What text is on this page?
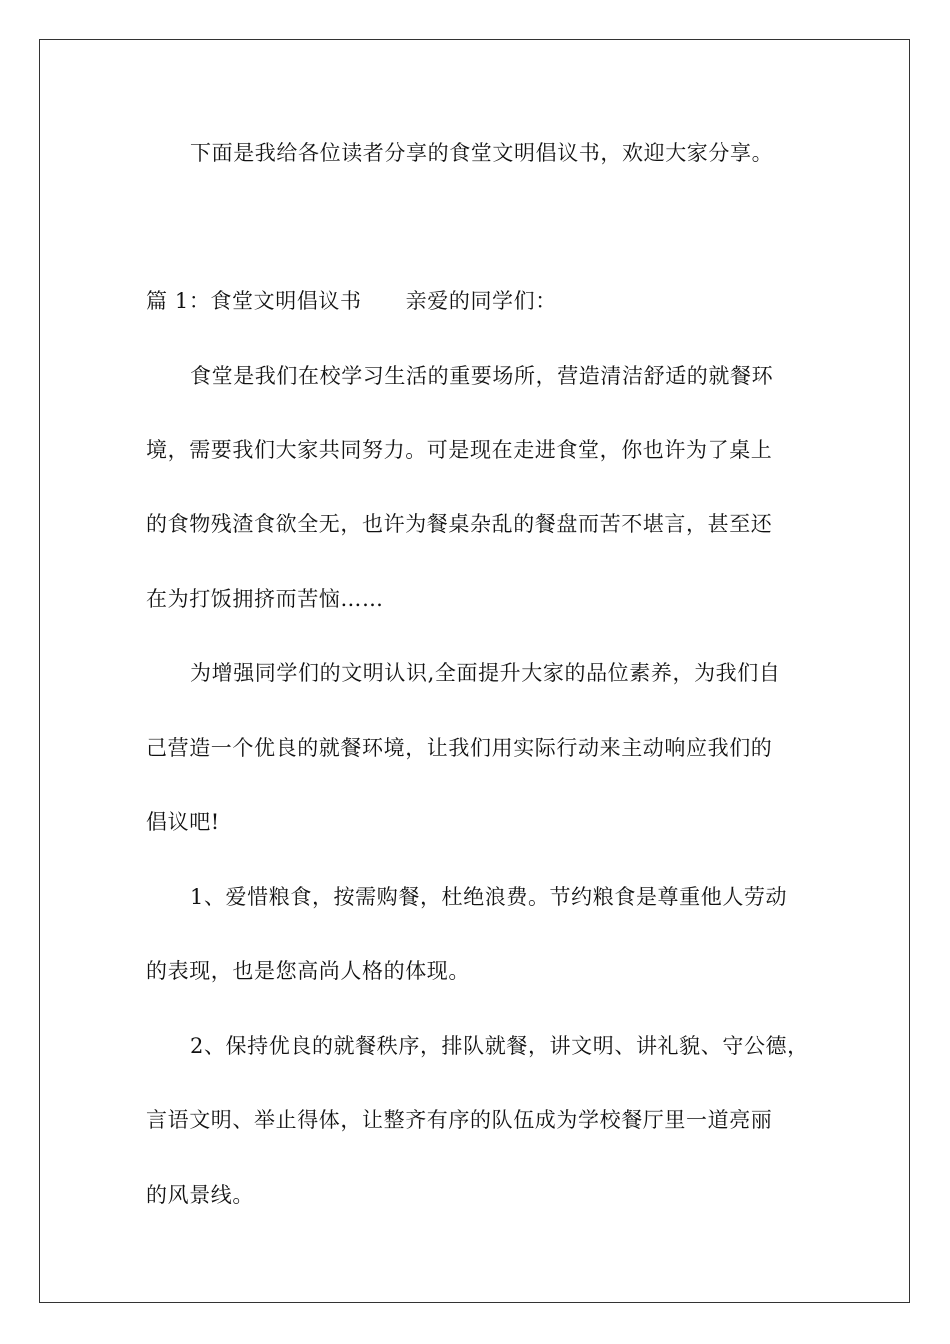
下面是我给各位读者分享的食堂文明倡议书，欢迎大家分享。
篇 1：食堂文明倡议书 亲爱的同学们：
食堂是我们在校学习生活的重要场所，营造清洁舒适的就餐环
境，需要我们大家共同努力。可是现在走进食堂，你也许为了桌上
的食物残渣食欲全无，也许为餐桌杂乱的餐盘而苦不堪言，甚至还
在为打饭拥挤而苦恼……
为增强同学们的文明认识,全面提升大家的品位素养，为我们自
己营造一个优良的就餐环境，让我们用实际行动来主动响应我们的
倡议吧!
1、爱惜粮食，按需购餐，杜绝浪费。节约粮食是尊重他人劳动
的表现，也是您高尚人格的体现。
2、保持优良的就餐秩序，排队就餐，讲文明、讲礼貌、守公德，
言语文明、举止得体，让整齐有序的队伍成为学校餐厅里一道亮丽
的风景线。
